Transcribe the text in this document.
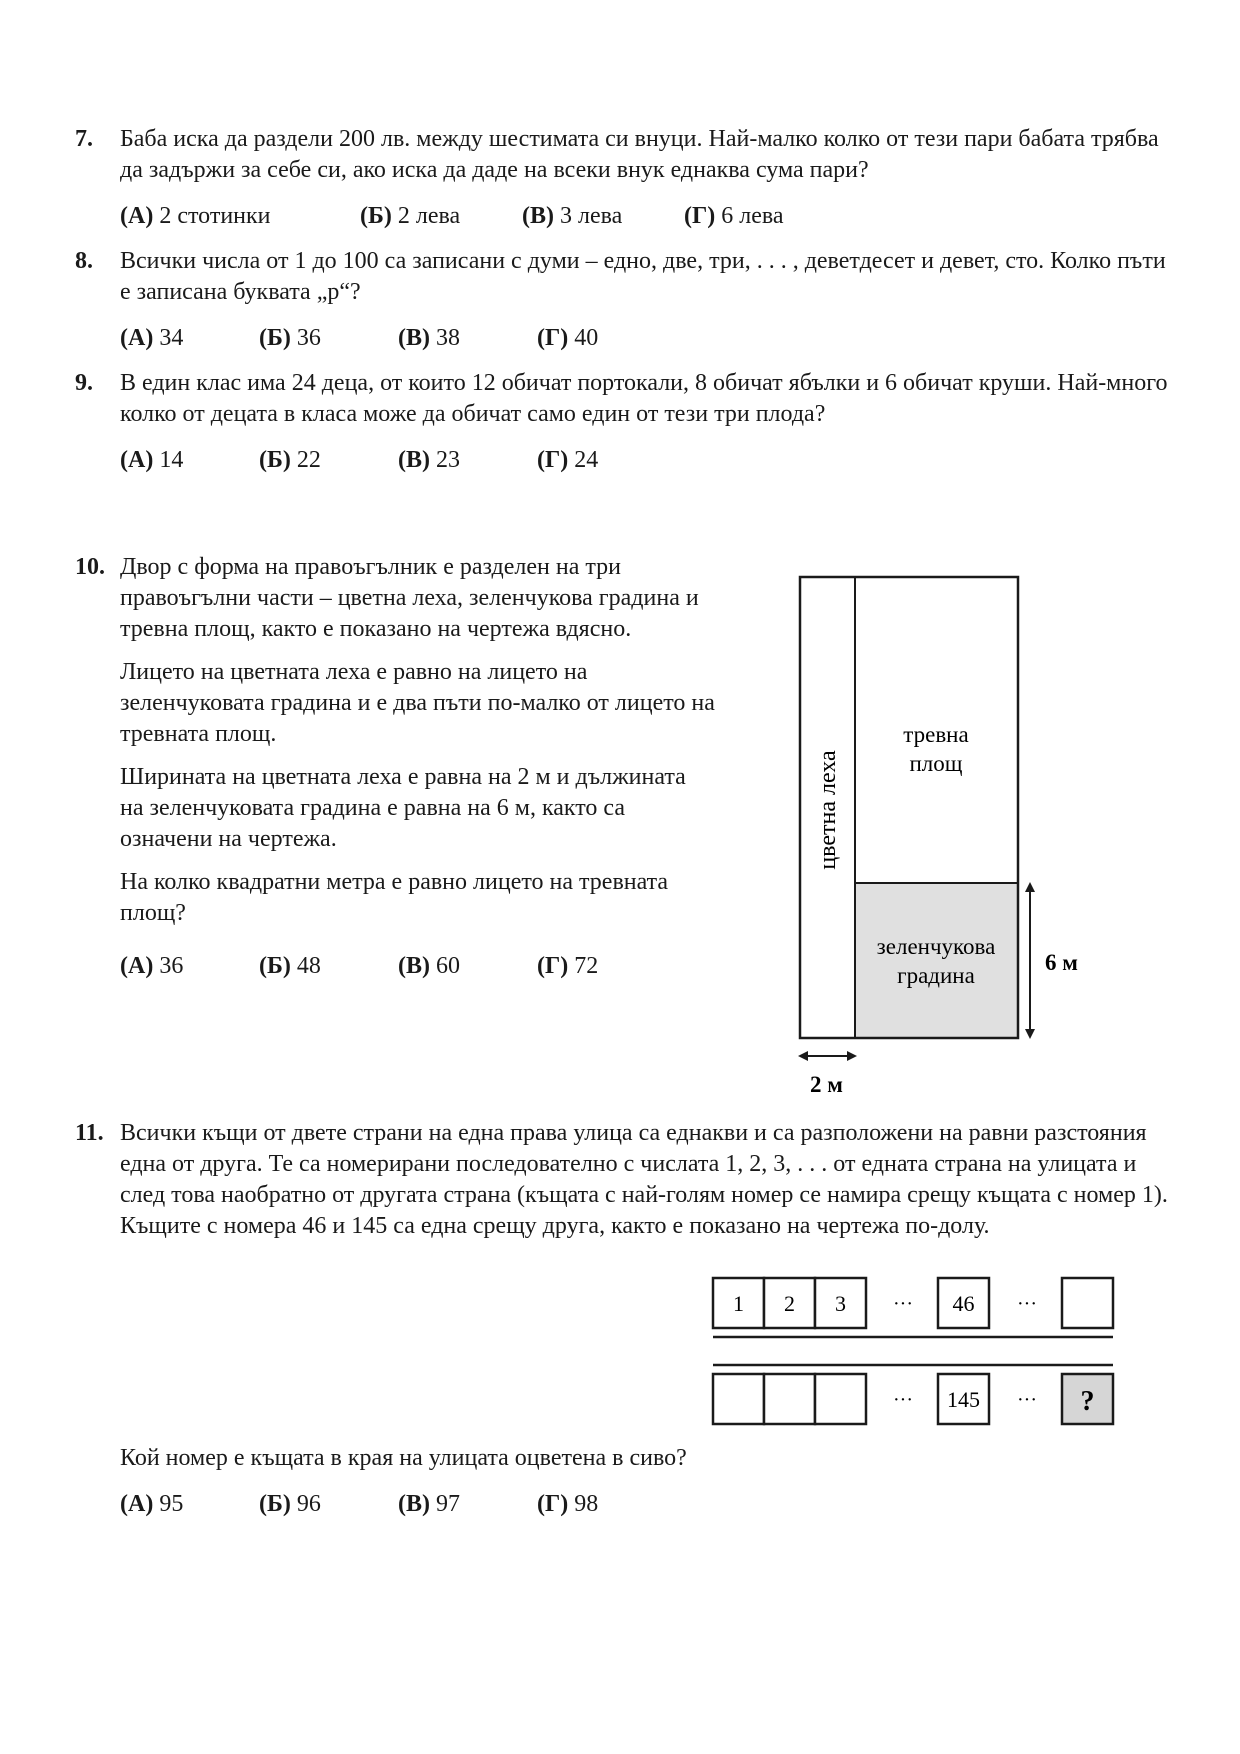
7. Баба иска да раздели 200 лв. между шестимата си внуци. Най-малко колко от тези пари бабата трябва да задържи за себе си, ако иска да даде на всеки внук еднаква сума пари?

(А) 2 стотинки	(Б) 2 лева	(В) 3 лева	(Г) 6 лева
8. Всички числа от 1 до 100 са записани с думи – едно, две, три, . . . , деветдесет и девет, сто. Колко пъти е записана буквата „р“?

(А) 34	(Б) 36	(В) 38	(Г) 40
9. В един клас има 24 деца, от които 12 обичат портокали, 8 обичат ябълки и 6 обичат круши. Най-много колко от децата в класа може да обичат само един от тези три плода?

(А) 14	(Б) 22	(В) 23	(Г) 24
10. Двор с форма на правоъгълник е разделен на три правоъгълни части – цветна леха, зеленчукова градина и тревна площ, както е показано на чертежа вдясно.

Лицето на цветната леха е равно на лицето на зеленчуковата градина и е два пъти по-малко от лицето на тревната площ.

Ширината на цветната леха е равна на 2 м и дължината на зеленчуковата градина е равна на 6 м, както са означени на чертежа.

На колко квадратни метра е равно лицето на тревната площ?

(А) 36	(Б) 48	(В) 60	(Г) 72
цветна леха
тревна
площ
зеленчукова
градина
6 м
2 м
11. Всички къщи от двете страни на една права улица са еднакви и са разположени на равни разстояния една от друга. Те са номерирани последователно с числата 1, 2, 3, . . . от едната страна на улицата и след това наобратно от другата страна (къщата с най-голям номер се намира срещу къщата с номер 1). Къщите с номера 46 и 145 са една срещу друга, както е показано на чертежа по-долу.

1 2 3 ··· 46 ···
··· 145 ··· ?

Кой номер е къщата в края на улицата оцветена в сиво?

(А) 95	(Б) 96	(В) 97	(Г) 98
